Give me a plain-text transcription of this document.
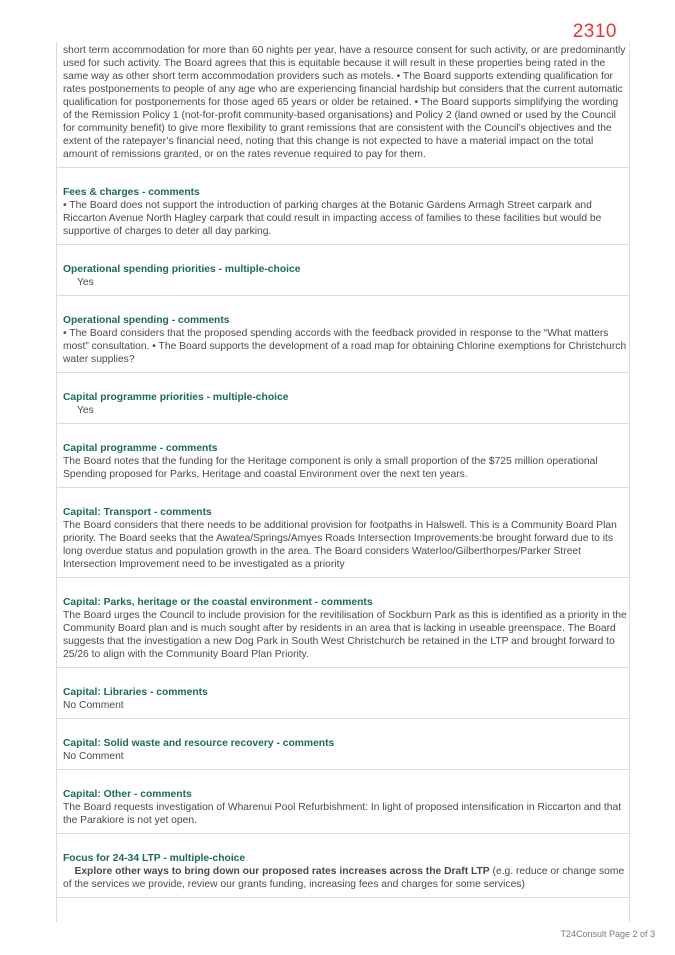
2310
short term accommodation for more than 60 nights per year, have a resource consent for such activity, or are predominantly used for such activity. The Board agrees that this is equitable because it will result in these properties being rated in the same way as other short term accommodation providers such as motels. • The Board supports extending qualification for rates postponements to people of any age who are experiencing financial hardship but considers that the current automatic qualification for postponements for those aged 65 years or older be retained. • The Board supports simplifying the wording of the Remission Policy 1 (not-for-profit community-based organisations) and Policy 2 (land owned or used by the Council for community benefit) to give more flexibility to grant remissions that are consistent with the Council’s objectives and the extent of the ratepayer’s financial need, noting that this change is not expected to have a material impact on the total amount of remissions granted, or on the rates revenue required to pay for them.
Fees & charges - comments
• The Board does not support the introduction of parking charges at the Botanic Gardens Armagh Street carpark and Riccarton Avenue North Hagley carpark that could result in impacting access of families to these facilities but would be supportive of charges to deter all day parking.
Operational spending priorities - multiple-choice
Yes
Operational spending - comments
• The Board considers that the proposed spending accords with the feedback provided in response to the “What matters most” consultation. • The Board supports the development of a road map for obtaining Chlorine exemptions for Christchurch water supplies?
Capital programme priorities - multiple-choice
Yes
Capital programme - comments
The Board notes that the funding for the Heritage component is only a small proportion of the $725 million operational Spending proposed for Parks, Heritage and coastal Environment over the next ten years.
Capital: Transport - comments
The Board considers that there needs to be additional provision for footpaths in Halswell. This is a Community Board Plan priority. The Board seeks that the Awatea/Springs/Amyes Roads Intersection Improvements:be brought forward due to its long overdue status and population growth in the area. The Board considers Waterloo/Gilberthorpes/Parker Street Intersection Improvement need to be investigated as a priority
Capital: Parks, heritage or the coastal environment - comments
The Board urges the Council to include provision for the revitilisation of Sockburn Park as this is identified as a priority in the Community Board plan and is much sought after by residents in an area that is lacking in useable greenspace. The Board suggests that the investigation a new Dog Park in South West Christchurch be retained in the LTP and brought forward to 25/26 to align with the Community Board Plan Priority.
Capital: Libraries - comments
No Comment
Capital: Solid waste and resource recovery - comments
No Comment
Capital: Other - comments
The Board requests investigation of Wharenui Pool Refurbishment: In light of proposed intensification in Riccarton and that the Parakiore is not yet open.
Focus for 24-34 LTP - multiple-choice
Explore other ways to bring down our proposed rates increases across the Draft LTP (e.g. reduce or change some of the services we provide, review our grants funding, increasing fees and charges for some services)
T24Consult Page 2 of 3
